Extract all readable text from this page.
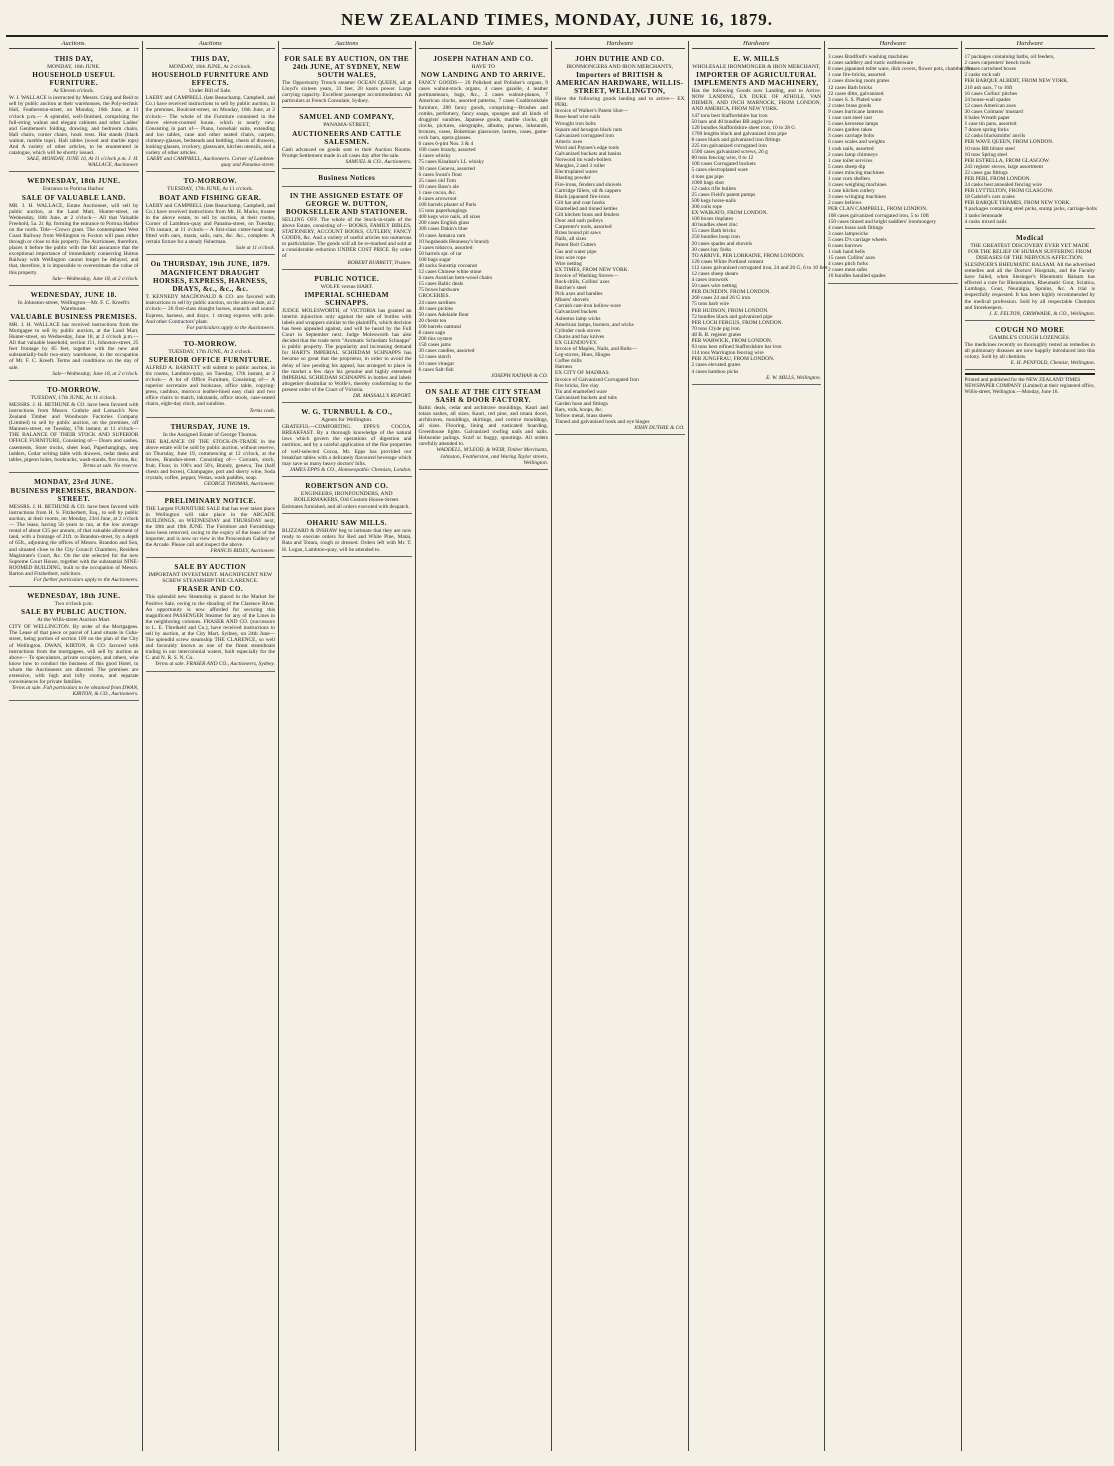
NEW ZEALAND TIMES, MONDAY, JUNE 16, 1879.
Auctions.
THIS DAY,
MONDAY, 16th JUNE.
HOUSEHOLD USEFUL FURNITURE.
At Eleven o'clock.
W. J. WALLACE is instructed by Messrs. Craig and Reid to sell by public auction at their warehouses, the Poly-technic Hall, Featherston-street, on Monday, 16th June, at 11 o'clock p.m.— A splendid, well-finished, comprising the full-string walnut and elegant cabinets and other Ladies' and Gentlemen's folding, drawing, and bedroom chairs. Hall chairs, corner chairs, hook rests. Hat stands (black walnut, marble tops). Hall tables (wood and marble tops) And A variety of other articles, to be enumerated in catalogue, which will be shortly issued.
SALE, MONDAY, JUNE 16, At 11 o'clock p.m. J. H. WALLACE, Auctioneer.
WEDNESDAY, 18th JUNE.
Entrance to Porirua Harbor.
SALE OF VALUABLE LAND.
MR. J. H. WALLACE, Estate Auctioneer, will sell by public auction, at the Land Mart, Hunter-street, on Wednesday, 18th June, at 2 o'clock— All that Valuable Freehold, 5a. 2r. 8p. forming the entrance to Porirua Harbor on the north. Title—Crown grant. The contemplated West Coast Railway from Wellington to Foxton will pass either through or close to this property. The Auctioneer, therefore, places it before the public with the full assurance that the exceptional importance of immediately connecting Hutton Railway with Wellington cannot longer be delayed, and that, therefore, it is impossible to overestimate the value of this property.
Sale—Wednesday, June 18, at 2 o'clock.
WEDNESDAY, JUNE 18.
In Johnston-street, Wellington—Mr. F. C. Kreeft's Warehouse.
VALUABLE BUSINESS PREMISES.
MR. J. H. WALLACE has received instructions from the Mortgagee to sell by public auction, at the Land Mart, Hunter-street, on Wednesday, June 18, at 2 o'clock p.m.— All that valuable leasehold, section 111, Johnston-street, 25 feet frontage by 85 feet, together with the new and substantially-built two-story warehouse, in the occupation of Mr. F. C. Kreeft. Terms and conditions on the day of sale.
Sale—Wednesday, June 18, at 2 o'clock.
TO-MORROW.
TUESDAY, 17th JUNE, At 11 o'clock.
MESSRS. J. H. BETHUNE & CO. have been favored with instructions from Messrs. Guthrie and Larnach's New Zealand Timber and Woodware Factories Company (Limited) to sell by public auction, on the premises, off Manners-street, on Tuesday, 17th instant, at 11 o'clock— THE BALANCE OF THEIR STOCK AND SUPERIOR OFFICE FURNITURE, Consisting of— Doors and sashes, casements, Store trucks, sheet lead, Paperhangings, step ladders, Cedar writing table with drawers, cedar desks and tables, pigeon holes, bookracks, wash-stands, fire irons, &c.
Terms at sale. No reserve.
MONDAY, 23rd JUNE.
BUSINESS PREMISES, BRANDON-STREET.
MESSRS. J. H. BETHUNE & CO. have been favored with instructions from H. S. Fitzherbert, Esq., to sell by public auction, at their rooms, on Monday, 23rd June, at 2 o'clock— The lease, having 56 years to run, at the low average rental of about £35 per annum, of that valuable allotment of land, with a frontage of 21ft. to Brandon-street, by a depth of 65ft., adjoining the offices of Messrs. Brandon and Son, and situated close to the City Council Chambers, Resident Magistrate's Court, &c. On the site selected for the new Supreme Court House, together with the substantial NINE-ROOMED BUILDING, built to the occupation of Messrs. Barton and Fitzherbert, solicitors.
For further particulars apply to the Auctioneers.
WEDNESDAY, 18th JUNE.
Two o'clock p.m.
SALE BY PUBLIC AUCTION.
At the Wills-street Auction Mart.
CITY OF WELLINGTON. By order of the Mortgagees. The Lease of that piece or parcel of Land situate in Cuba-street, being portion of section 109 on the plan of the City of Wellington. DWAN, KIRTON, & CO. favored with instructions from the mortgagees, will sell by auction as above— To speculators, private occupiers, and others, who know how to conduct the business of this good Hotel, to whom the Auctioneers are directed. The premises are extensive, with high and lofty rooms, and separate conveniences for private families.
Terms at sale. Full particulars to be obtained from DWAN, KIRTON, & CO., Auctioneers.
Auctions
THIS DAY,
MONDAY, 16th JUNE, At 2 o'clock.
HOUSEHOLD FURNITURE AND EFFECTS.
Under Bill of Sale.
LAERY and CAMPBELL (late Beauchamp, Campbell, and Co.) have received instructions to sell by public auction, in the premises, Boulcott-street, on Monday, 16th June, at 2 o'clock— The whole of the Furniture contained in the above eleven-roomed house, which is nearly new. Consisting in part of— Piano, horsehair suite, extending and loo tables, cane and other seated chairs, carpets, chimney-glasses, bedsteads and bedding, chests of drawers, looking-glasses, crockery, glassware, kitchen utensils, and a variety of other articles.
LAERY and CAMPBELL, Auctioneers. Corner of Lambton-quay and Panama-street.
TO-MORROW.
TUESDAY, 17th JUNE, At 11 o'clock.
BOAT AND FISHING GEAR.
LAERY and CAMPBELL (late Beauchamp, Campbell, and Co.) have received instructions from Mr. H. Marks, trustee in the above estate, to sell by auction, at their rooms, Corner of Lambton-quay and Panama-street, on Tuesday, 17th instant, at 11 o'clock— A first-class cutter-head boat, fitted with oars, masts, sails, oars, &c. &c., complete. A certain fixture for a steady fisherman.
Sale at 11 o'clock.
On THURSDAY, 19th JUNE, 1879.
MAGNIFICENT DRAUGHT HORSES, EXPRESS, HARNESS, DRAYS, &c., &c., &c.
T. KENNEDY MACDONALD & CO. are favored with instructions to sell by public auction, on the above date, at 2 o'clock— 26 first-class draught horses, staunch and sound. Express, harness, and drays. 1 strong express with pole. And other Contractors' plant.
For particulars apply to the Auctioneers.
TO-MORROW.
TUESDAY, 17th JUNE, At 2 o'clock.
SUPERIOR OFFICE FURNITURE.
ALFRED A. BARNETT will submit to public auction, in his rooms, Lambton-quay, on Tuesday, 17th instant, at 2 o'clock— A lot of Office Furniture, Consisting of— A superior secretaire and bookcase, office table, copying-press, cashbox, morocco leather-lined easy chair and two office chairs to match, inkstands, office stools, case-seated chairs, eight-day clock, and sundries.
Terms cash.
THURSDAY, JUNE 19.
In the Assigned Estate of George Thomas.
THE BALANCE OF THE STOCK-IN-TRADE in the above estate will be sold by public auction, without reserve, on Thursday, June 19, commencing at 12 o'clock, at the Stores, Brandon-street. Consisting of— Currants, stock, fruit, Flour, in 100's and 50's, Brandy, geneva, Tea (half chests and boxes), Champagne, port and sherry wine, Soda crystals, coffee, pepper, Vestas, wash paddles, soap.
GEORGE THOMAS, Auctioneer.
PRELIMINARY NOTICE.
THE Largest FURNITURE SALE that has ever taken place in Wellington will take place in the ARCADE BUILDINGS, on WEDNESDAY and THURSDAY next, the 18th and 19th JUNE. The Furniture and Furnishings have been removed, owing to the expiry of the lease of the importer, and is now on view in the Proscenium Gallery of the Arcade. Please call and inspect the above.
FRANCIS BIDEY, Auctioneer.
SALE BY AUCTION
IMPORTANT INVESTMENT. MAGNIFICENT NEW SCREW STEAMSHIP THE CLARENCE.
FRASER AND CO.
This splendid new Steamship is placed in the Market for Positive Sale, owing to the shoaling of the Clarence River. An opportunity is now afforded for securing this magnificent PASSENGER Steamer for any of the Lines in the neighboring colonies. FRASER AND CO. (successors to L. E. Threlkeld and Co.), have received instructions to sell by auction, at the City Mart, Sydney, on 24th June— The splendid screw steamship THE CLARENCE, so well and favorably known as one of the finest steamboats trading in our intercolonial waters, built especially for the C. and N. R. S. N. Co.
Terms at sale. FRASER AND CO., Auctioneers, Sydney.
Auctions
FOR SALE BY AUCTION, ON THE 24th JUNE, AT SYDNEY, NEW SOUTH WALES,
The Opportunity Trench steamer OCEAN QUEEN, all at Lloyd's sixteen years, 33 feet, 20 knots power. Large carrying capacity. Excellent passenger accommodation. All particulars at French Consulate, Sydney.
SAMUEL AND COMPANY,
PANAMA-STREET,
AUCTIONEERS AND CATTLE SALESMEN.
Cash advanced on goods sent to their Auction Rooms. Prompt Settlement made in all cases day after the sale.
SAMUEL & CO., Auctioneers.
Business Notices
IN THE ASSIGNED ESTATE OF GEORGE W. DUTTON, BOOKSELLER AND STATIONER.
SELLING OFF. The whole of the Stock-in-trade of the above Estate, consisting of— BOOKS, FAMILY BIBLES, STATIONERY, ACCOUNT BOOKS, CUTLERY, FANCY GOODS, &c. And a variety of useful articles too numerous to particularize. The goods will all be re-marked and sold at a considerable reduction UNDER COST PRICE. By order of
ROBERT BURRETT, Trustee.
PUBLIC NOTICE.
WOLFE versus HART.
IMPERIAL SCHIEDAM SCHNAPPS.
JUDGE MOLESWORTH, of VICTORIA has granted an interim injunction only against the sale of bottles with labels and wrappers similar to the plaintiff's, which decision has been appealed against, and will be heard by the Full Court in September next. Judge Molesworth has also decided that the trade term "Aromatic Schiedam Schnapps" is public property. The popularity and increasing demand for HART'S IMPERIAL SCHIEDAM SCHNAPPS has become so great that the proprietor, in order to avoid the delay of law pending his appeal, has arranged to place in the market a few days his genuine and highly esteemed IMPERIAL SCHIEDAM SCHNAPPS in bottles and labels altogether dissimilar to Wolfe's, thereby conforming to the present order of the Court of Victoria.
DR. MASSALL'S REPORT.
W. G. TURNBULL & CO.,
Agents for Wellington.
GRATEFUL—COMFORTING. EPPS'S COCOA. BREAKFAST. By a thorough knowledge of the natural laws which govern the operations of digestion and nutrition, and by a careful application of the fine properties of well-selected Cocoa, Mr. Epps has provided our breakfast tables with a delicately flavoured beverage which may save us many heavy doctors' bills.
JAMES EPPS & CO., Homoeopathic Chemists, London.
ROBERTSON AND CO.
ENGINEERS, IRONFOUNDERS, AND BOILERMAKERS, Old Custom House-Street.
Estimates furnished, and all orders executed with despatch.
OHARIU SAW MILLS.
BLIZZARD & INSHAW beg to intimate that they are now ready to execute orders for Red and White Pine, Matai, Rata and Totara, rough or dressed. Orders left with Mr. T. H. Logan, Lambton-quay, will be attended to.
On Sale
JOSEPH NATHAN AND CO.
HAVE TO
NOW LANDING AND TO ARRIVE.
FANCY GOODS— 20 Polished and Polisher's organs, 9 cases walnut-stock organs, 4 cases gazelle, 4 leather portmanteaux, bags, &c., 2 cases walnut-pianos, 7 American clocks, assorted patterns, 7 cases Coalbrookdale furniture, 280 fancy goods, comprising—Brushes and combs, perfumery, fancy soaps, sponges and all kinds of druggists' sundries, Japanese goods, marble clocks, gilt clocks, pictures, oleographs, albums, purses, inkstands, bronzes, vases, Bohemian glassware, lustres, vases, game-cock bars, opera glasses.
6 cases 6-pint Nos. 3 & 4
100 cases brandy, assorted
4 cases whisky
75 cases Kinahan's LL whisky
30 cases Geneva, assorted
6 cases Swan's flour
25 cases old Tom
10 cases Bass's ale
1 case cocoa, &c.
8 cases arrowroot
100 barrels plaster of Paris
15 tons paperhangings
400 kegs wire nails, all sizes
200 cases English glass
300 cases Dakin's blue
10 cases Jamaica rum
10 hogsheads Hennessy's brandy
2 cases tobacco, assorted
50 barrels spt. of tar
100 bags sugar
40 sacks Sunstrip cocoanut
12 cases Chinese white stone
6 cases Austrian bent-wood chairs
15 cases Baltic deals
75 boxes hardware
GROCERIES.
24 cases sardines
40 cases pickles
50 cases Adelaide flour
20 chests tea
100 barrels oatmeal
8 cases sago
200 tins oysters
150 cases jams
30 cases candles, assorted
12 cases starch
10 cases vinegar
6 cases Salt-fish
JOSEPH NATHAN & CO.
ON SALE AT THE CITY STEAM SASH & DOOR FACTORY.
Baltic deals, cedar and architrave mouldings, Kauri and totara sashes, all sizes. Kauri, red pine, and totara doors, architraves, mouldings, skirtings, and cornice mouldings, all sizes. Flooring, lining and rusticated boarding. Greenhouse lights. Galvanized roofing nails and nails. Hobsonite palings. Scarf or buggy, spoutings. All orders carefully attended to.
WADDELL, M'LEOD, & WEIR, Timber Merchants, Johnston, Featherston, and Waring Taylor streets, Wellington.
Hardware
JOHN DUTHIE AND CO.
IRONMONGERS AND IRON MERCHANTS,
Importers of BRITISH & AMERICAN HARDWARE, WILLIS-STREET, WELLINGTON,
Have the following goods landing and to arrive— EX PERI.
Invoice of Walker's Patent Shot—
Rose-head wire nails
Wrought iron bolts
Square and hexagon black nuts
Galvanized corrugated iron
Americ axes
Word and Paynes's edge tools
Galvanized buckets and basins
Norwood tin wash-boilers
Mangles, 2 and 3 roller
Electroplated wares
Blasting powder
Fire-irons, fenders and shovels
Cartridge fillers, oil & cappers
Black japanned fire-irons
Gilt hat and coat hooks
Enamelled and tinned kettles
Gilt kitchen brass and fenders
Door and sash pulleys
Carpenter's tools, assorted
Brass bound pit saws
Nails, all sizes
Patent Bolt Cutters
Gas and water pipe
Iron wire rope
Wire netting
EX TIMES, FROM NEW YORK.
Invoice of Washing Stoves—
Rock-drills, Collins' axes
Butcher's steel
Pick axes and handles
Miners' shovels
Cornish cast-iron hollow-ware
Galvanized buckets
Asbestos lamp wicks
American lamps, burners, and wicks
Cylinder cook stoves
Churns and hay knives
EX GLENDOVEY.
Invoice of Maples, Nails, and Bolts—
Leg-stoves, Hoes, Hinges
Coffee mills
Harness
EX CITY OF MADRAS.
Invoice of Galvanized Corrugated Iron
Fire bricks, fire clay
Tin and enamelled ware
Galvanized buckets and tubs
Garden hose and fittings
Bars, rods, hoops, &c.
Yellow metal, brass sheets
Tinned and galvanized hook and eye hinges
JOHN DUTHIE & CO.
Hardware
E. W. MILLS
WHOLESALE IRONMONGER & IRON MERCHANT,
IMPORTER OF AGRICULTURAL IMPLEMENTS AND MACHINERY,
Has the following Goods now Landing, and to Arrive. NOW LANDING, EX DUKE OF ATHOLE, VAN DIEMEN, AND INCH MARNOCK, FROM LONDON, AND AMERICA, FROM NEW YORK.
147 tons best Staffordshire bar iron
50 bars and 40 bundles BB angle iron
120 bundles Staffordshire sheet iron, 10 to 28 G
1760 lengths black and galvanized iron pipe
8 cases black and galvanized iron fittings
225 ton galvanized corrugated iron
1500 cases galvanized screws, 26 g
80 tons fencing wire, 0 to 12
100 cases Corrugated buckets
5 cases electroplated ware
4 tons gas pipe
1000 bags shot
12 casks rifle bullets
25 cases Field's patent pumps
500 kegs horse-nails
300 coils rope
EX WAIKATO, FROM LONDON.
100 boxes tinplates
40 bundles sheet zinc
15 cases Bath bricks
250 bundles hoop iron
20 cases spades and shovels
30 cases hay forks
TO ARRIVE, PER LORRAINE, FROM LONDON.
120 cases White Portland cement
112 cases galvanized corrugated iron, 24 and 26 G, 6 to 10 feet
12 cases sheep shears
4 cases ironwork
50 cases wire netting
PER DUNEDIN, FROM LONDON.
260 cases 24 and 26 G iron
75 tons barb wire
PER HUDSON, FROM LONDON.
72 bundles black and galvanized pipe
PER LOCH FERGUS, FROM LONDON.
70 tons Clyde pig iron
48 B. B. register grates
PER WARWICK, FROM LONDON.
93 tons best refined Staffordshire bar iron
114 tons Warrington fencing wire
PER JUNGFRAU, FROM LONDON.
2 cases elevated grates
4 cases bamboo picks
E. W. MILLS, Wellington.
Hardware
3 cases Bradford's washing machines
4 cases saddlery and rustic earthenware
8 cases japanned toilet ware, dish covers, flower pots, chamber, &c.
1 case fire-bricks, assorted
2 cases drawing room grates
12 cases Bath bricks
22 cases ditto, galvanized
3 cases S. S. Plated ware
2 crates brass goods
9 cases hurricane lanterns
1 case cast steel cast
5 cases kerosene lamps
8 cases garden rakes
3 cases carriage bolts
6 cases scales and weights
1 cask nails, assorted
2 cases lamp chimneys
1 case toilet services
5 cases sheep dip
4 cases mincing machines
1 case corn shellers
3 cases weighing machines
1 case kitchen cutlery
3 cases wringing machines
2 cases bellows
PER CLAN CAMPBELL, FROM LONDON.
108 cases galvanized corrugated iron, 5 to 10ft
150 cases tinned and bright saddlers' ironmongery
4 cases brass sash fittings
3 cases lampwicks
5 cases D's carriage wheels
6 cases barrows
1 cask hand bells
15 cases Collins' axes
4 cases pitch forks
2 cases meat safes
10 bundles handled spades
Hardware
17 packages containing baths, oil feeders,
2 cases carpenters' bench tools
6 cases cartwheel boxes
2 casks rock salt
PER BARQUE ALBERT, FROM NEW YORK.
210 ash oars, 7 to 16ft
16 cases Collins' pitches
24 house-wall spades
12 cases American axes
30 cases Colmans' mustard
6 bales Wreath paper
1 case tin pans, assorted
7 dozen spring forks
12 casks blacksmiths' anvils
PER WAVE QUEEN, FROM LONDON.
10 tons BB blister steel
10 tons Spring steel
PER ESTRELLA, FROM GLASGOW.
243 register stoves, large assortment
22 cases gas fittings
PER PERI, FROM LONDON.
24 casks best annealed fencing wire
PER LYTTELTON, FROM GLASGOW.
18 Gabriel's cars scales
PER BARQUE THAMES, FROM NEW YORK.
9 packages containing steel picks, stump jacks, carriage-bolts
3 tanks lemonade
4 casks mixed nails
Medical
THE GREATEST DISCOVERY EVER YET MADE FOR THE RELIEF OF HUMAN SUFFERING FROM DISEASES OF THE NERVOUS AFFECTION.
SLESINGER'S RHEUMATIC BALSAM. All the advertised remedies and all the Doctors' Hospitals, and the Faculty have failed, when Slesinger's Rheumatic Balsam has effected a cure for Rheumatism, Rheumatic Gout, Sciatica, Lumbago, Gout, Neuralgia, Sprains, &c. A trial is respectfully requested. It has been highly recommended by the medical profession. Sold by all respectable Chemists and Storekeepers.
J. E. FELTON, GRIMWADE, & CO., Wellington.
COUGH NO MORE
GAMBLE'S COUGH LOZENGES.
The medicines recently so thoroughly tested as remedies in all pulmonary diseases are now happily introduced into this colony. Sold by all chemists.
E. H. PENFOLD, Chemist, Wellington.
Printed and published for the NEW ZEALAND TIMES NEWSPAPER COMPANY (Limited) at their registered office, Willis-street, Wellington.—Monday, June 16.
